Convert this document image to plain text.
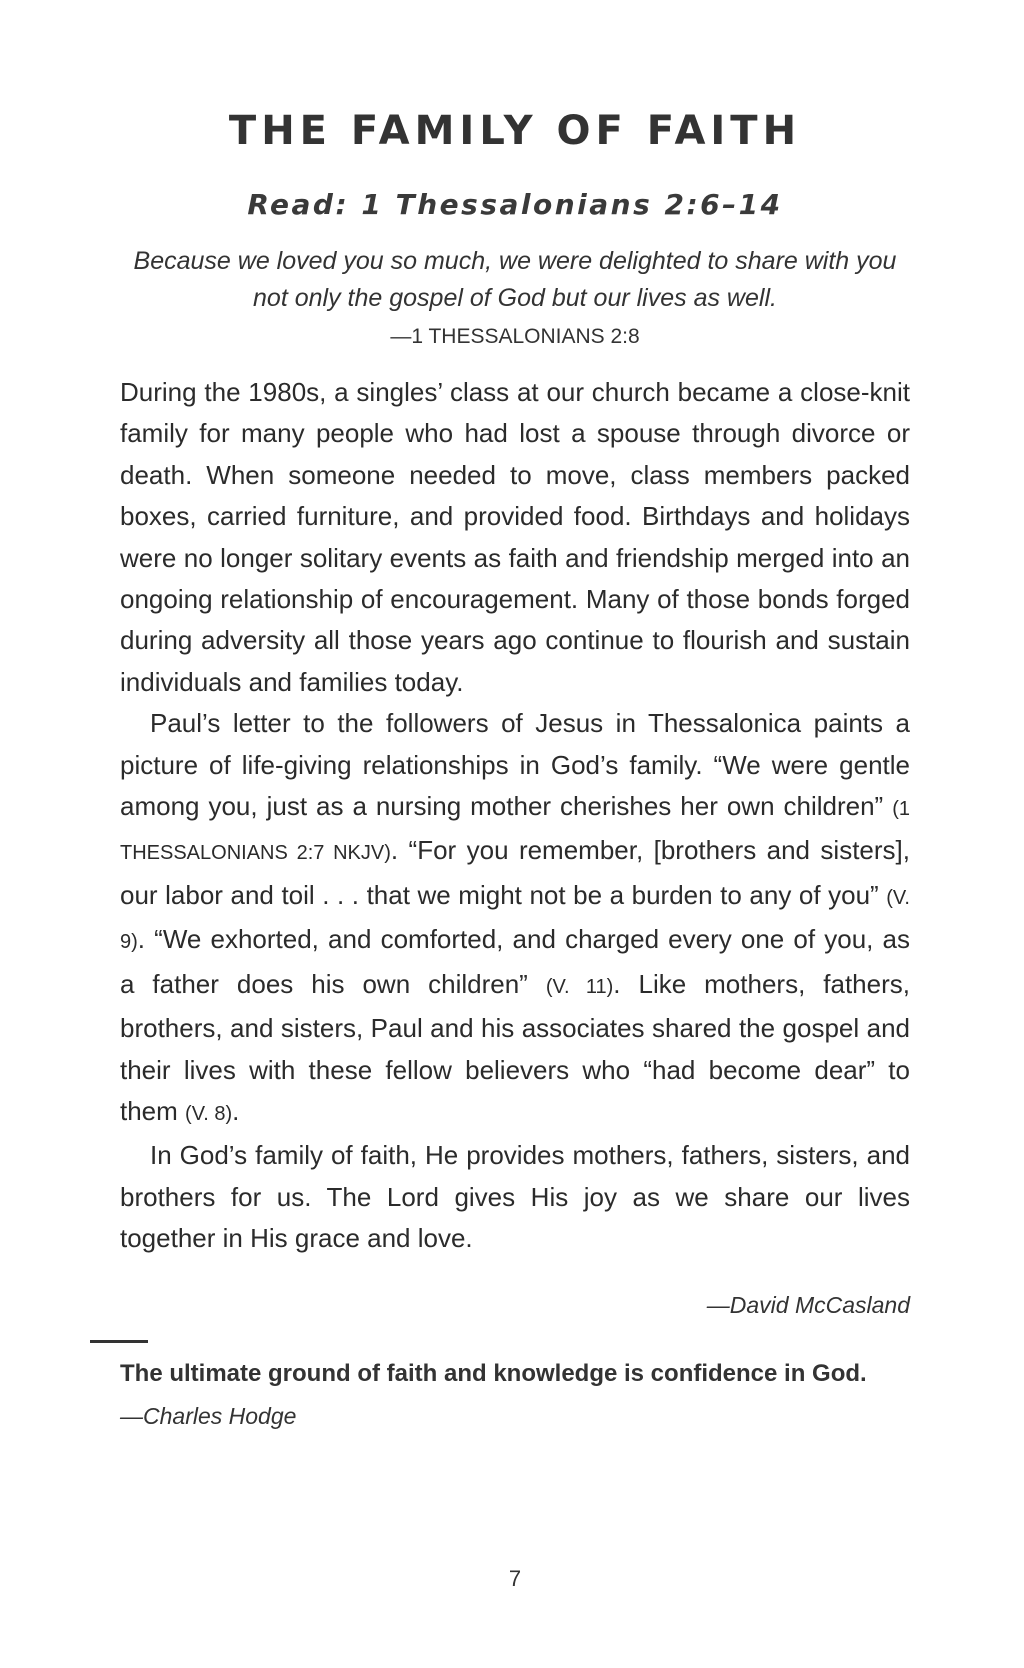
THE FAMILY OF FAITH

Read: 1 Thessalonians 2:6–14

Because we loved you so much, we were delighted to share with you not only the gospel of God but our lives as well.

—1 THESSALONIANS 2:8

During the 1980s, a singles’ class at our church became a close-knit family for many people who had lost a spouse through divorce or death. When someone needed to move, class members packed boxes, carried furniture, and provided food. Birthdays and holidays were no longer solitary events as faith and friendship merged into an ongoing relationship of encouragement. Many of those bonds forged during adversity all those years ago continue to flourish and sustain individuals and families today.

Paul’s letter to the followers of Jesus in Thessalonica paints a picture of life-giving relationships in God’s family. “We were gentle among you, just as a nursing mother cherishes her own children” (1 THESSALONIANS 2:7 NKJV). “For you remember, [brothers and sisters], our labor and toil . . . that we might not be a burden to any of you” (V. 9). “We exhorted, and comforted, and charged every one of you, as a father does his own children” (V. 11). Like mothers, fathers, brothers, and sisters, Paul and his associates shared the gospel and their lives with these fellow believers who “had become dear” to them (V. 8).

In God’s family of faith, He provides mothers, fathers, sisters, and brothers for us. The Lord gives His joy as we share our lives together in His grace and love.

—David McCasland

The ultimate ground of faith and knowledge is confidence in God.

—Charles Hodge

7
